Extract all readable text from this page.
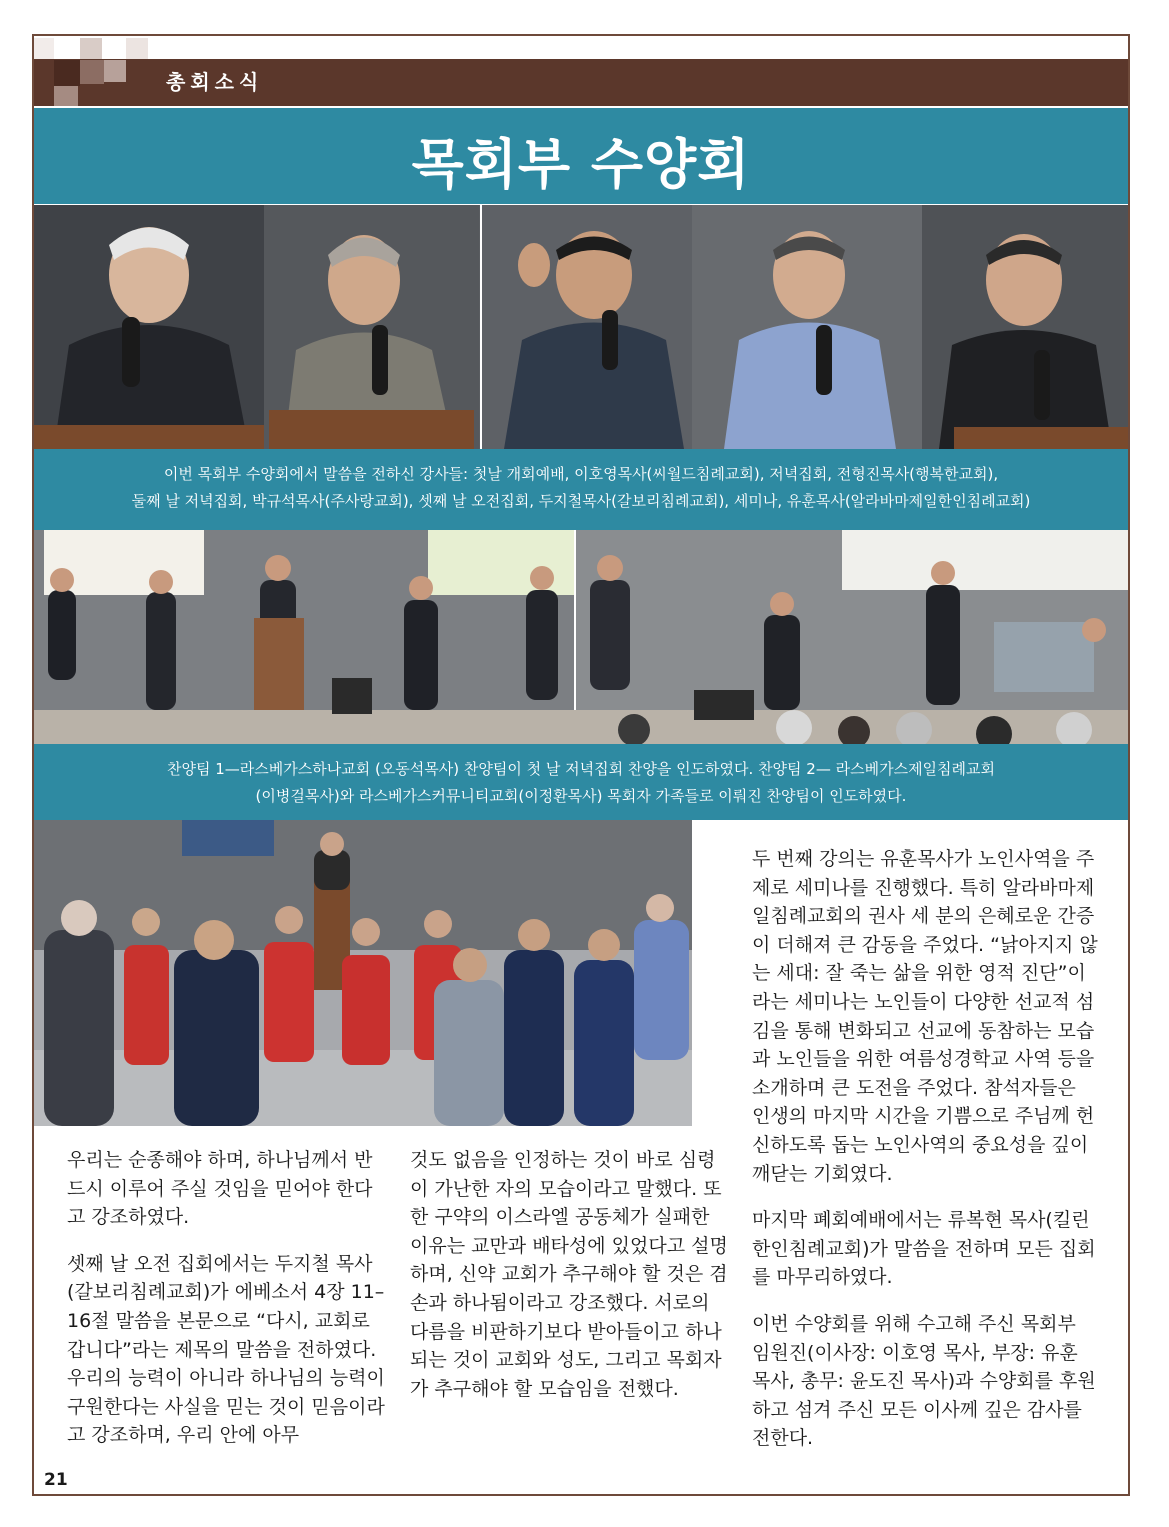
총회소식
목회부 수양회
이번 목회부 수양회에서 말씀을 전하신 강사들: 첫날 개회예배, 이호영목사(씨월드침례교회), 저녁집회, 전형진목사(행복한교회),
둘째 날 저녁집회, 박규석목사(주사랑교회), 셋째 날 오전집회, 두지철목사(갈보리침례교회), 세미나, 유훈목사(알라바마제일한인침례교회)
찬양팀 1—라스베가스하나교회 (오동석목사) 찬양팀이 첫 날 저녁집회 찬양을 인도하였다. 찬양팀 2— 라스베가스제일침례교회
(이병걸목사)와 라스베가스커뮤니티교회(이정환목사) 목회자 가족들로 이뤄진 찬양팀이 인도하였다.

우리는 순종해야 하며, 하나님께서 반드시 이루어 주실 것임을 믿어야 한다고 강조하였다.

셋째 날 오전 집회에서는 두지철 목사(갈보리침례교회)가 에베소서 4장 11–16절 말씀을 본문으로 “다시, 교회로 갑니다”라는 제목의 말씀을 전하였다. 우리의 능력이 아니라 하나님의 능력이 구원한다는 사실을 믿는 것이 믿음이라고 강조하며, 우리 안에 아무

것도 없음을 인정하는 것이 바로 심령이 가난한 자의 모습이라고 말했다. 또한 구약의 이스라엘 공동체가 실패한 이유는 교만과 배타성에 있었다고 설명하며, 신약 교회가 추구해야 할 것은 겸손과 하나됨이라고 강조했다. 서로의 다름을 비판하기보다 받아들이고 하나 되는 것이 교회와 성도, 그리고 목회자가 추구해야 할 모습임을 전했다.

두 번째 강의는 유훈목사가 노인사역을 주제로 세미나를 진행했다. 특히 알라바마제일침례교회의 권사 세 분의 은혜로운 간증이 더해져 큰 감동을 주었다. “낡아지지 않는 세대: 잘 죽는 삶을 위한 영적 진단”이라는 세미나는 노인들이 다양한 선교적 섬김을 통해 변화되고 선교에 동참하는 모습과 노인들을 위한 여름성경학교 사역 등을 소개하며 큰 도전을 주었다. 참석자들은 인생의 마지막 시간을 기쁨으로 주님께 헌신하도록 돕는 노인사역의 중요성을 깊이 깨닫는 기회였다.

마지막 폐회예배에서는 류복현 목사(킬린한인침례교회)가 말씀을 전하며 모든 집회를 마무리하였다.

이번 수양회를 위해 수고해 주신 목회부 임원진(이사장: 이호영 목사, 부장: 유훈 목사, 총무: 윤도진 목사)과 수양회를 후원하고 섬겨 주신 모든 이사께 깊은 감사를 전한다.

21
